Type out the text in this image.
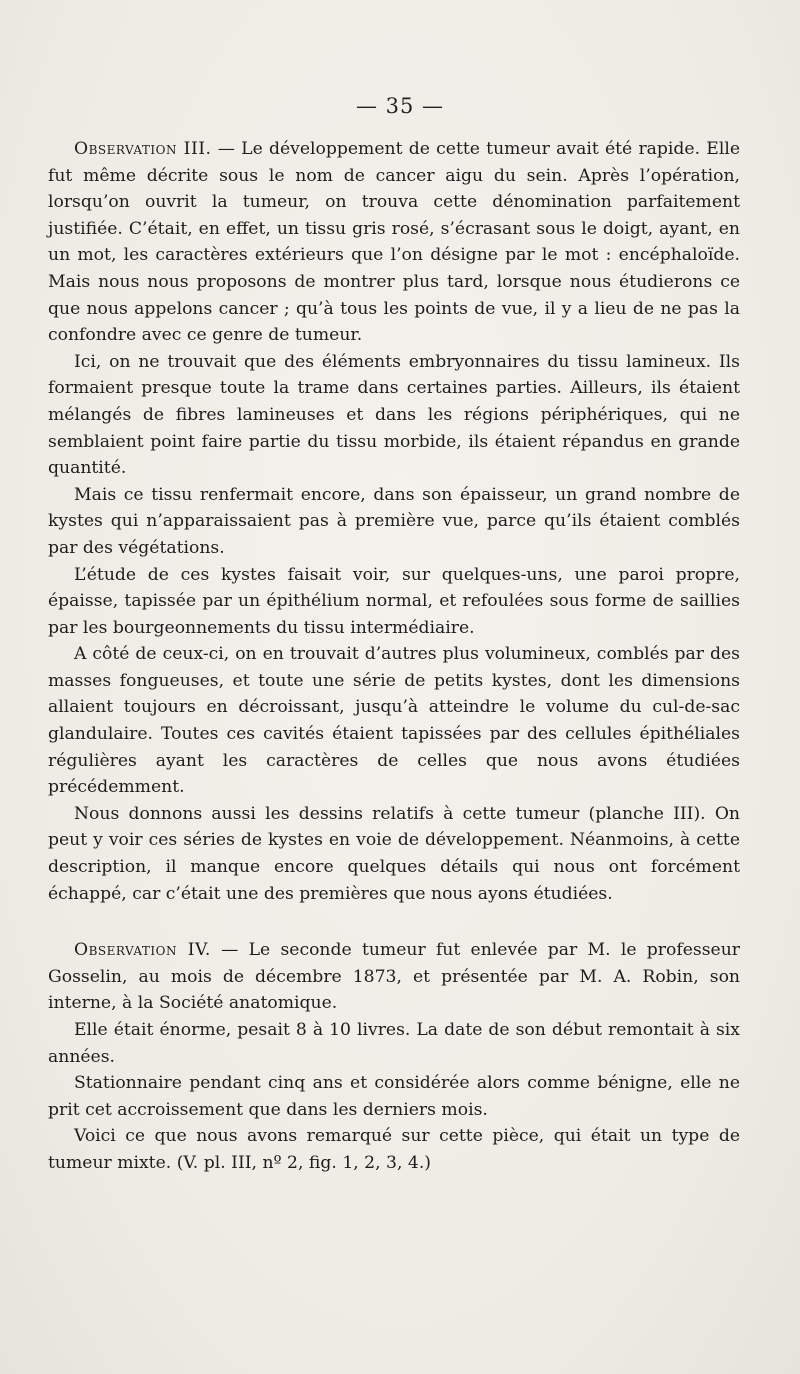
— 35 —

Observation III. — Le développement de cette tumeur avait été rapide. Elle fut même décrite sous le nom de cancer aigu du sein. Après l’opération, lorsqu’on ouvrit la tumeur, on trouva cette dénomination parfaitement justifiée. C’était, en effet, un tissu gris rosé, s’écrasant sous le doigt, ayant, en un mot, les caractères extérieurs que l’on désigne par le mot : encéphaloïde. Mais nous nous proposons de montrer plus tard, lorsque nous étudierons ce que nous appelons cancer ; qu’à tous les points de vue, il y a lieu de ne pas la confondre avec ce genre de tumeur.

Ici, on ne trouvait que des éléments embryonnaires du tissu lamineux. Ils formaient presque toute la trame dans certaines parties. Ailleurs, ils étaient mélangés de fibres lamineuses et dans les régions périphériques, qui ne semblaient point faire partie du tissu morbide, ils étaient répandus en grande quantité.

Mais ce tissu renfermait encore, dans son épaisseur, un grand nombre de kystes qui n’apparaissaient pas à première vue, parce qu’ils étaient comblés par des végétations.

L’étude de ces kystes faisait voir, sur quelques-uns, une paroi propre, épaisse, tapissée par un épithélium normal, et refoulées sous forme de saillies par les bourgeonnements du tissu intermédiaire.

A côté de ceux-ci, on en trouvait d’autres plus volumineux, comblés par des masses fongueuses, et toute une série de petits kystes, dont les dimensions allaient toujours en décroissant, jusqu’à atteindre le volume du cul-de-sac glandulaire. Toutes ces cavités étaient tapissées par des cellules épithéliales régulières ayant les caractères de celles que nous avons étudiées précédemment.

Nous donnons aussi les dessins relatifs à cette tumeur (planche III). On peut y voir ces séries de kystes en voie de développement. Néanmoins, à cette description, il manque encore quelques détails qui nous ont forcément échappé, car c’était une des premières que nous ayons étudiées.

Observation IV. — Le seconde tumeur fut enlevée par M. le professeur Gosselin, au mois de décembre 1873, et présentée par M. A. Robin, son interne, à la Société anatomique.

Elle était énorme, pesait 8 à 10 livres. La date de son début remontait à six années.

Stationnaire pendant cinq ans et considérée alors comme bénigne, elle ne prit cet accroissement que dans les derniers mois.

Voici ce que nous avons remarqué sur cette pièce, qui était un type de tumeur mixte. (V. pl. III, nº 2, fig. 1, 2, 3, 4.)
